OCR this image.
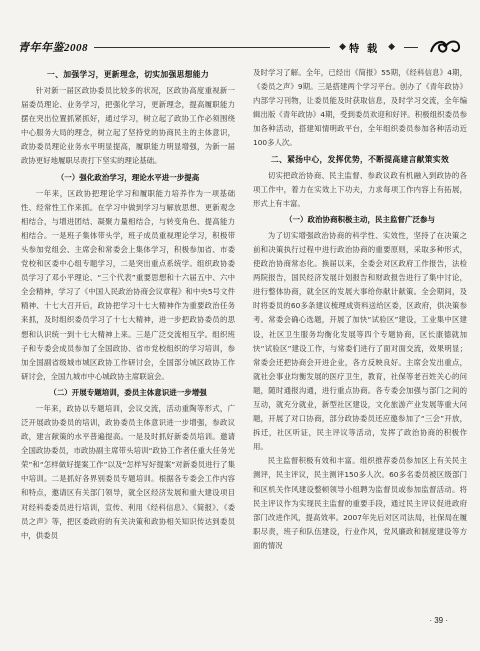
青年年鉴2008	◆ 特载 ◆
一、加强学习，更新理念，切实加强思想能力

针对新一届区政协委员比较多的状况，区政协高度重视新一届委员理论、业务学习，把强化学习，更新理念，提高履职能力摆在突出位置抓紧抓好，通过学习，树立起了政协工作必须围绕中心服务大局的理念，树立起了坚持党的协商民主的主体意识，政协委员理论业务水平明显提高，履职能力明显增强，为新一届政协更好地履职尽责打下坚实的理论基础。

（一）强化政治学习，理论水平进一步提高

一年来，区政协把理论学习和履职能力培养作为一项基础性、经常性工作来抓。在学习中做到学习与解放思想、更新观念相结合，与增进团结、凝聚力量相结合，与转变角色、提高能力相结合。一是班子集体带头学，班子成员重视理论学习，积极带头参加党组会、主席会和常委会上集体学习，积极参加省、市委党校和区委中心组专题学习，二是突出重点系统学。组织政协委员学习了邓小平理论、“三个代表”重要思想和十六届五中、六中全会精神，学习了《中国人民政治协商会议章程》和中央5号文件精神、十七大召开后，政协把学习十七大精神作为重要政治任务来抓，及时组织委员学习了十七大精神，进一步把政协委员的思想和认识统一到十七大精神上来。三是广泛交流相互学。组织班子和专委会成员参加了全国政协、省市党校组织的学习培训，参加全国副省级城市城区政协工作研讨会，全国部分城区政协工作研讨会，全国九城市中心城政协主席联谊会。

（二）开展专题培训，委员主体意识进一步增强

一年来，政协以专题培训，会议交流，活动重陶等形式，广泛开展政协委员的培训，政协委员主体意识进一步增强，参政议政，建言献策的水平普遍提高。一是及时抓好新委员培训。邀请全国政协委员，市政协副主席带头培训“政协工作者任重大任务光荣”和“怎样做好提案工作”以及“怎样写好提案”对新委员进行了集中培训。二是抓好各界别委员专题培训。根据各专委会工作内容和特点，邀请区有关部门领导，就全区经济发展和重大建设项目对经科委委员进行培训，宣传、利用《经科信息》、《简报》、《委员之声》等，把区委政府的有关决策和政协相关知识传达到委员中，供委员

及时学习了解。全年，已经出《简报》55期，《经科信息》4期，《委员之声》9期。三是搭建两个学习平台。创办了《青年政协》内部学习刊物，让委员能及时获取信息，及时学习交流，全年编辑出版《青年政协》4期，受到委员欢迎和好评。积极组织委员参加各种活动，搭建知情明政平台，全年组织委员参加各种活动近100多人次。

二、紧扬中心，发挥优势，不断提高建言献策实效

切实把政治协商、民主监督、参政议政有机融入到政协的各项工作中，着力在实效上下功夫，力求每项工作内容上有拓展，形式上有丰富。

（一）政治协商积极主动，民主监督广泛参与

为了切实增强政治协商的科学性、实效性，坚持了在决策之前和决策执行过程中进行政治协商的重要原则，采取多种形式，使政治协商常态化。换届以来，全委会对区政府工作报告，法检两院报告，国民经济发展计划报告和财政报告进行了集中讨论，进行整体协商，就全区的发展大事给你献计献策。全会期间，及时将委员的60多条建议梳理成资料送给区委，区政府，供决策参考。常委会确心选题，开展了加快“试验区”建设，工业集中区建设，社区卫生服务均衡化发展等四个专题协商，区长康德就加快“试验区”建设工作，与常委们进行了面对面交流，效果明显；常委会还把协商会开进企业，各方反映良好。主席会发出重点，就社会事业均衡发展的医疗卫生，教育，社保等老百姓关心的问题，随时通报沟通，进行重点协商。各专委会加强与部门之间的互动，就充分就业，新型社区建设，文化旅游产业发展等重大问题，开展了对口协商，部分政协委员还应邀参加了“三会”开放，拆迁，社区听证，民主评议等活动，发挥了政治协商的积极作用。

民主监督积极有效和丰富。组织推荐委员参加区上有关民主测评，民主评议，民主测评150多人次。60多名委员被区级部门和区机关作风建设整顿领导小组聘为监督员或参加监督活动。将民主评议作为实现民主监督的重要手段，通过民主评议促进政府部门改进作风，提高效率。2007年先后对区司法局，社保局在履职尽责，班子和队伍建设，行业作风，党风廉政和制度建设等方面的情况

· 39 ·
